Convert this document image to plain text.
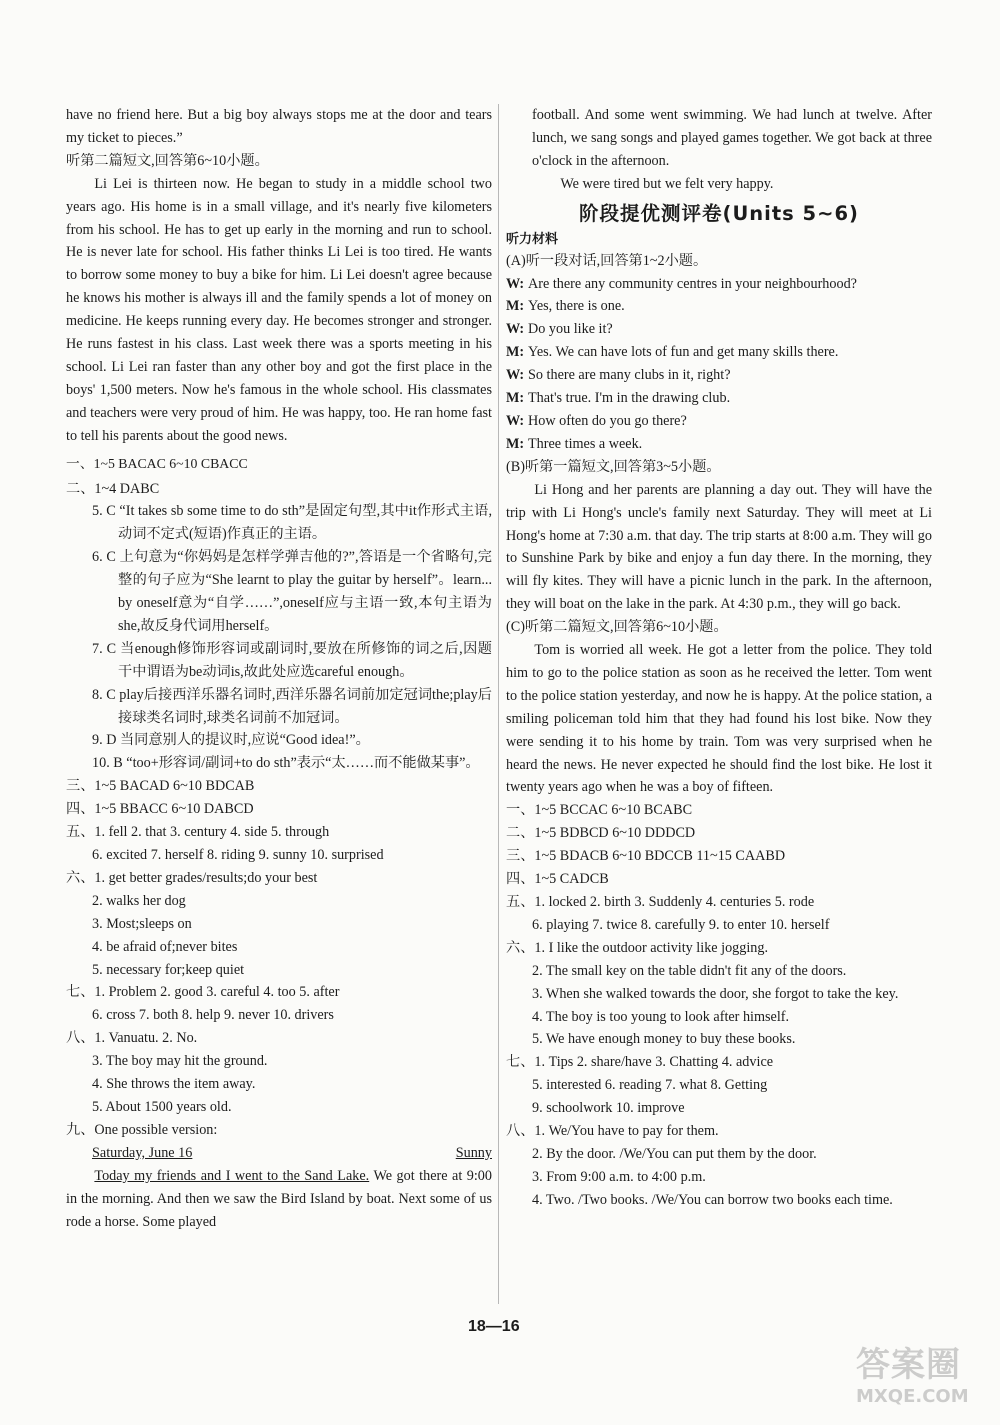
have no friend here. But a big boy always stops me at the door and tears my ticket to pieces.”

听第二篇短文,回答第6~10小题。

Li Lei is thirteen now. He began to study in a middle school two years ago. His home is in a small village, and it's nearly five kilometers from his school. He has to get up early in the morning and run to school. He is never late for school. His father thinks Li Lei is too tired. He wants to borrow some money to buy a bike for him. Li Lei doesn't agree because he knows his mother is always ill and the family spends a lot of money on medicine. He keeps running every day. He becomes stronger and stronger. He runs fastest in his class. Last week there was a sports meeting in his school. Li Lei ran faster than any other boy and got the first place in the boys' 1,500 meters. Now he's famous in the whole school. His classmates and teachers were very proud of him. He was happy, too. He ran home fast to tell his parents about the good news.

一、1~5 BACAC 6~10 CBACC

二、1~4 DABC

5. C “It takes sb some time to do sth”是固定句型,其中it作形式主语,动词不定式(短语)作真正的主语。

6. C 上句意为“你妈妈是怎样学弹吉他的?”,答语是一个省略句,完整的句子应为“She learnt to play the guitar by herself”。learn... by oneself意为“自学……”,oneself应与主语一致,本句主语为she,故反身代词用herself。

7. C 当enough修饰形容词或副词时,要放在所修饰的词之后,因题干中谓语为be动词is,故此处应选careful enough。

8. C play后接西洋乐器名词时,西洋乐器名词前加定冠词the;play后接球类名词时,球类名词前不加冠词。

9. D 当同意别人的提议时,应说“Good idea!”。

10. B “too+形容词/副词+to do sth”表示“太……而不能做某事”。

三、1~5 BACAD 6~10 BDCAB

四、1~5 BBACC 6~10 DABCD

五、1. fell 2. that 3. century 4. side 5. through

6. excited 7. herself 8. riding 9. sunny 10. surprised

六、1. get better grades/results;do your best

2. walks her dog

3. Most;sleeps on

4. be afraid of;never bites

5. necessary for;keep quiet

七、1. Problem 2. good 3. careful 4. too 5. after

6. cross 7. both 8. help 9. never 10. drivers

八、1. Vanuatu. 2. No.

3. The boy may hit the ground.

4. She throws the item away.

5. About 1500 years old.

九、One possible version:

Saturday, June 16	Sunny

Today my friends and I went to the Sand Lake. We got there at 9:00 in the morning. And then we saw the Bird Island by boat. Next some of us rode a horse. Some played

football. And some went swimming. We had lunch at twelve. After lunch, we sang songs and played games together. We got back at three o'clock in the afternoon.

We were tired but we felt very happy.

阶段提优测评卷(Units 5~6)

听力材料

(A)听一段对话,回答第1~2小题。

W: Are there any community centres in your neighbourhood?

M: Yes, there is one.

W: Do you like it?

M: Yes. We can have lots of fun and get many skills there.

W: So there are many clubs in it, right?

M: That's true. I'm in the drawing club.

W: How often do you go there?

M: Three times a week.

(B)听第一篇短文,回答第3~5小题。

Li Hong and her parents are planning a day out. They will have the trip with Li Hong's uncle's family next Saturday. They will meet at Li Hong's home at 7:30 a.m. that day. The trip starts at 8:00 a.m. They will go to Sunshine Park by bike and enjoy a fun day there. In the morning, they will fly kites. They will have a picnic lunch in the park. In the afternoon, they will boat on the lake in the park. At 4:30 p.m., they will go back.

(C)听第二篇短文,回答第6~10小题。

Tom is worried all week. He got a letter from the police. They told him to go to the police station as soon as he received the letter. Tom went to the police station yesterday, and now he is happy. At the police station, a smiling policeman told him that they had found his lost bike. Now they were sending it to his home by train. Tom was very surprised when he heard the news. He never expected he should find the lost bike. He lost it twenty years ago when he was a boy of fifteen.

一、1~5 BCCAC 6~10 BCABC

二、1~5 BDBCD 6~10 DDDCD

三、1~5 BDACB 6~10 BDCCB 11~15 CAABD

四、1~5 CADCB

五、1. locked 2. birth 3. Suddenly 4. centuries 5. rode

6. playing 7. twice 8. carefully 9. to enter 10. herself

六、1. I like the outdoor activity like jogging.

2. The small key on the table didn't fit any of the doors.

3. When she walked towards the door, she forgot to take the key.

4. The boy is too young to look after himself.

5. We have enough money to buy these books.

七、1. Tips 2. share/have 3. Chatting 4. advice

5. interested 6. reading 7. what 8. Getting

9. schoolwork 10. improve

八、1. We/You have to pay for them.

2. By the door. /We/You can put them by the door.

3. From 9:00 a.m. to 4:00 p.m.

4. Two. /Two books. /We/You can borrow two books each time.

18—16
答案圈
MXQE.COM
